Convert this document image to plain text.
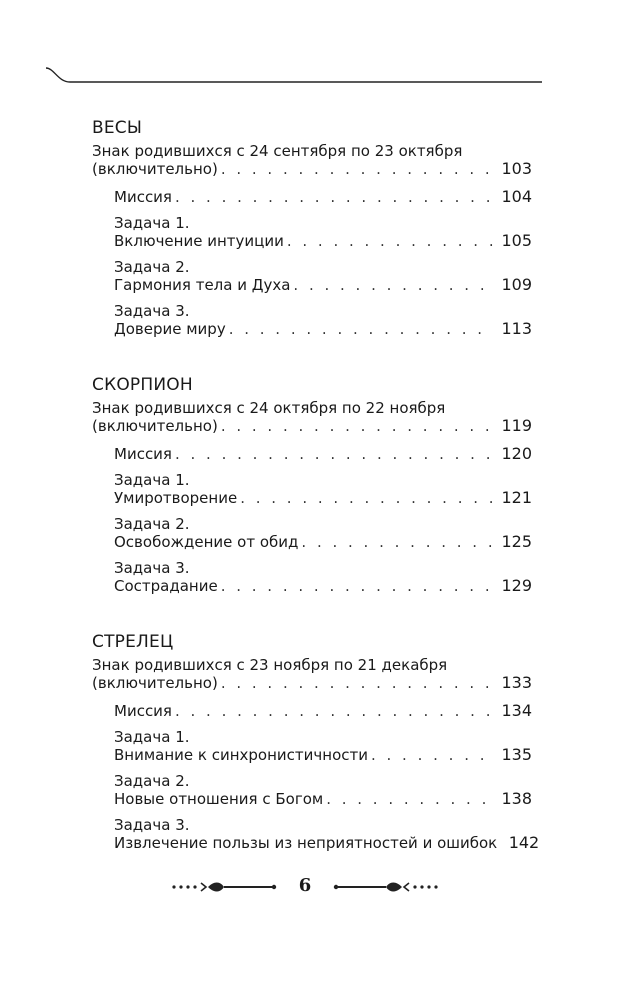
ВЕСЫ
Знак родившихся с 24 сентября по 23 октября
(включительно) . . .	103
Миссия . . .	104
Задача 1.
Включение интуиции . . .	105
Задача 2.
Гармония тела и Духа . . .	109
Задача 3.
Доверие миру . . .	113
СКОРПИОН
Знак родившихся с 24 октября по 22 ноября
(включительно) . . .	119
Миссия . . .	120
Задача 1.
Умиротворение . . .	121
Задача 2.
Освобождение от обид . . .	125
Задача 3.
Сострадание . . .	129
СТРЕЛЕЦ
Знак родившихся с 23 ноября по 21 декабря
(включительно) . . .	133
Миссия . . .	134
Задача 1.
Внимание к синхронистичности . . .	135
Задача 2.
Новые отношения с Богом . . .	138
Задача 3.
Извлечение пользы из неприятностей и ошибок 142
6
